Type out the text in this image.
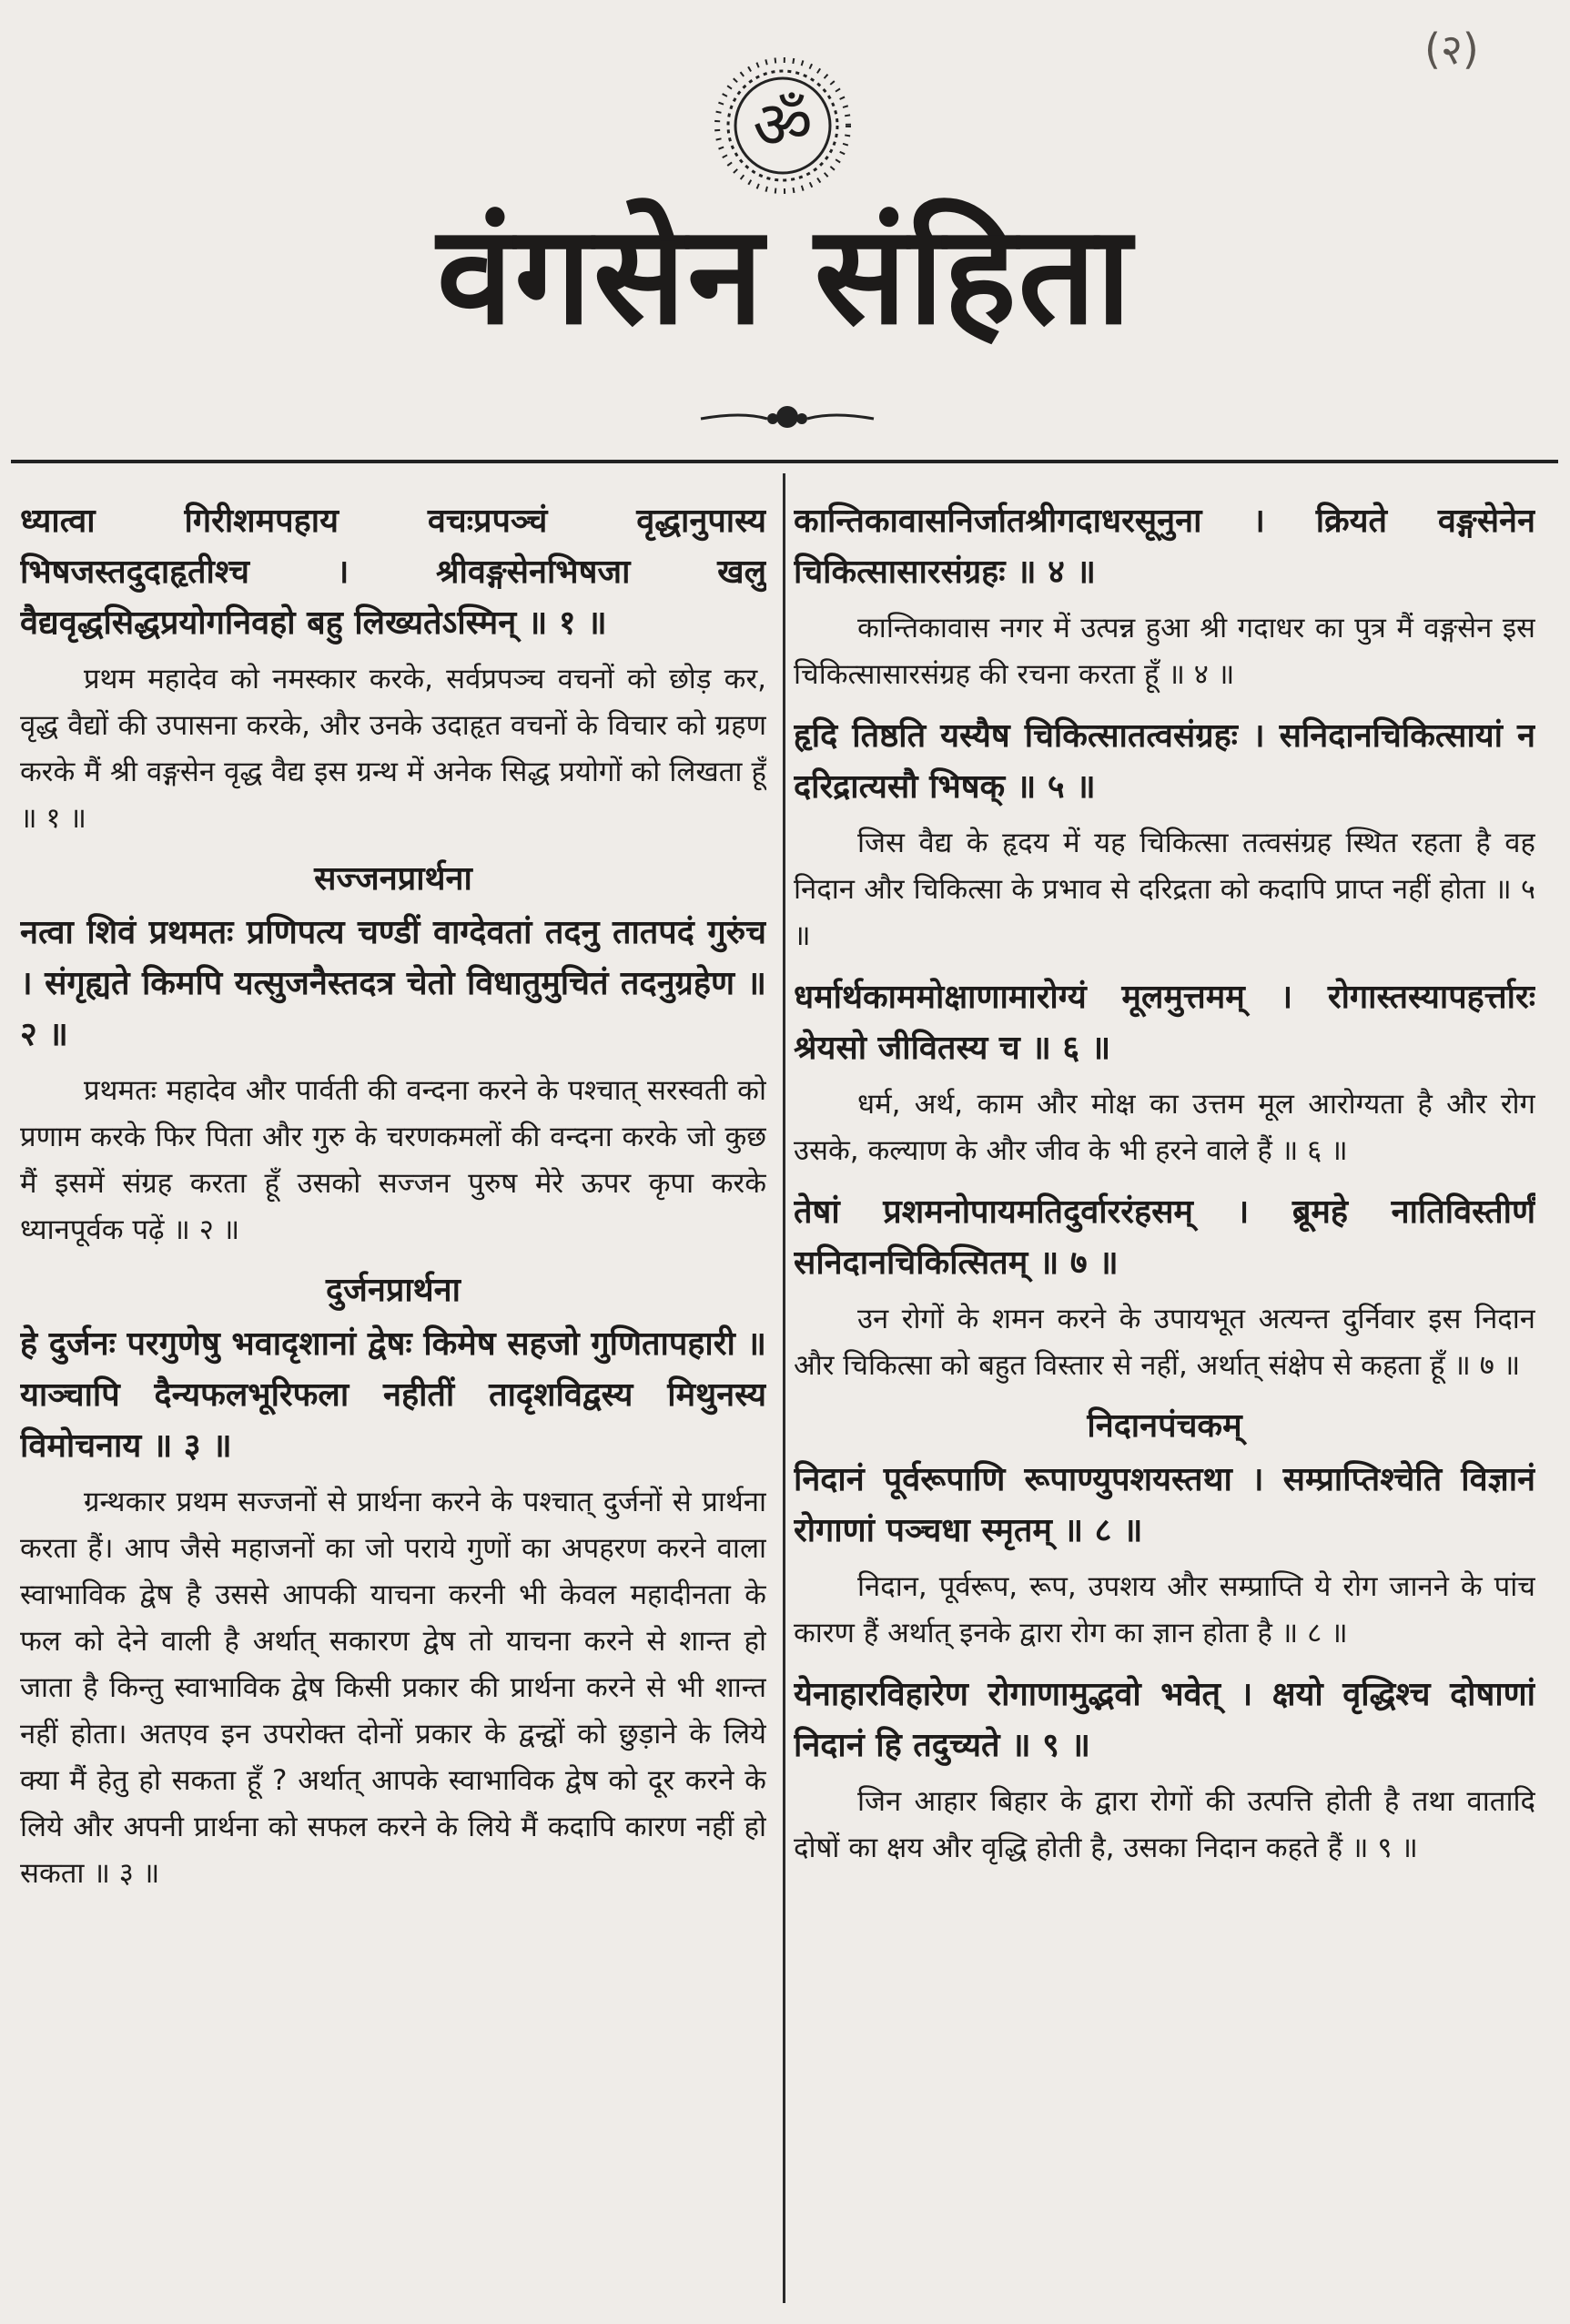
(२)
ॐ
वंगसेन संहिता

ध्यात्वा गिरीशमपहाय वचःप्रपञ्चं वृद्धानुपास्य भिषजस्तदुदाहृतीश्च । श्रीवङ्गसेनभिषजा खलु वैद्यवृद्धसिद्धप्रयोगनिवहो बहु लिख्यतेऽस्मिन् ॥ १ ॥

प्रथम महादेव को नमस्कार करके, सर्वप्रपञ्च वचनों को छोड़ कर, वृद्ध वैद्यों की उपासना करके, और उनके उदाहृत वचनों के विचार को ग्रहण करके मैं श्री वङ्गसेन वृद्ध वैद्य इस ग्रन्थ में अनेक सिद्ध प्रयोगों को लिखता हूँ ॥ १ ॥

सज्जनप्रार्थना

नत्वा शिवं प्रथमतः प्रणिपत्य चण्डीं वाग्देवतां तदनु तातपदं गुरुंच । संगृह्यते किमपि यत्सुजनैस्तदत्र चेतो विधातुमुचितं तदनुग्रहेण ॥ २ ॥

प्रथमतः महादेव और पार्वती की वन्दना करने के पश्चात् सरस्वती को प्रणाम करके फिर पिता और गुरु के चरणकमलों की वन्दना करके जो कुछ मैं इसमें संग्रह करता हूँ उसको सज्जन पुरुष मेरे ऊपर कृपा करके ध्यानपूर्वक पढ़ें ॥ २ ॥

दुर्जनप्रार्थना

हे दुर्जनः परगुणेषु भवादृशानां द्वेषः किमेष सहजो गुणितापहारी ॥ याञ्चापि दैन्यफलभूरिफला नहीतीं तादृशविद्वस्य मिथुनस्य विमोचनाय ॥ ३ ॥

ग्रन्थकार प्रथम सज्जनों से प्रार्थना करने के पश्चात् दुर्जनों से प्रार्थना करता हैं। आप जैसे महाजनों का जो पराये गुणों का अपहरण करने वाला स्वाभाविक द्वेष है उससे आपकी याचना करनी भी केवल महादीनता के फल को देने वाली है अर्थात् सकारण द्वेष तो याचना करने से शान्त हो जाता है किन्तु स्वाभाविक द्वेष किसी प्रकार की प्रार्थना करने से भी शान्त नहीं होता। अतएव इन उपरोक्त दोनों प्रकार के द्वन्द्वों को छुड़ाने के लिये क्या मैं हेतु हो सकता हूँ ? अर्थात् आपके स्वाभाविक द्वेष को दूर करने के लिये और अपनी प्रार्थना को सफल करने के लिये मैं कदापि कारण नहीं हो सकता ॥ ३ ॥

कान्तिकावासनिर्जातश्रीगदाधरसूनुना । क्रियते वङ्गसेनेन चिकित्सासारसंग्रहः ॥ ४ ॥

कान्तिकावास नगर में उत्पन्न हुआ श्री गदाधर का पुत्र मैं वङ्गसेन इस चिकित्सासारसंग्रह की रचना करता हूँ ॥ ४ ॥

हृदि तिष्ठति यस्यैष चिकित्सातत्वसंग्रहः । सनिदानचिकित्सायां न दरिद्रात्यसौ भिषक् ॥ ५ ॥

जिस वैद्य के हृदय में यह चिकित्सा तत्वसंग्रह स्थित रहता है वह निदान और चिकित्सा के प्रभाव से दरिद्रता को कदापि प्राप्त नहीं होता ॥ ५ ॥

धर्मार्थकाममोक्षाणामारोग्यं मूलमुत्तमम् । रोगास्तस्यापहर्त्तारः श्रेयसो जीवितस्य च ॥ ६ ॥

धर्म, अर्थ, काम और मोक्ष का उत्तम मूल आरोग्यता है और रोग उसके, कल्याण के और जीव के भी हरने वाले हैं ॥ ६ ॥

तेषां प्रशमनोपायमतिदुर्वाररंहसम् । ब्रूमहे नातिविस्तीर्णं सनिदानचिकित्सितम् ॥ ७ ॥

उन रोगों के शमन करने के उपायभूत अत्यन्त दुर्निवार इस निदान और चिकित्सा को बहुत विस्तार से नहीं, अर्थात् संक्षेप से कहता हूँ ॥ ७ ॥

निदानपंचकम्

निदानं पूर्वरूपाणि रूपाण्युपशयस्तथा । सम्प्राप्तिश्चेति विज्ञानं रोगाणां पञ्चधा स्मृतम् ॥ ८ ॥

निदान, पूर्वरूप, रूप, उपशय और सम्प्राप्ति ये रोग जानने के पांच कारण हैं अर्थात् इनके द्वारा रोग का ज्ञान होता है ॥ ८ ॥

येनाहारविहारेण रोगाणामुद्भवो भवेत् । क्षयो वृद्धिश्च दोषाणां निदानं हि तदुच्यते ॥ ९ ॥

जिन आहार बिहार के द्वारा रोगों की उत्पत्ति होती है तथा वातादि दोषों का क्षय और वृद्धि होती है, उसका निदान कहते हैं ॥ ९ ॥
